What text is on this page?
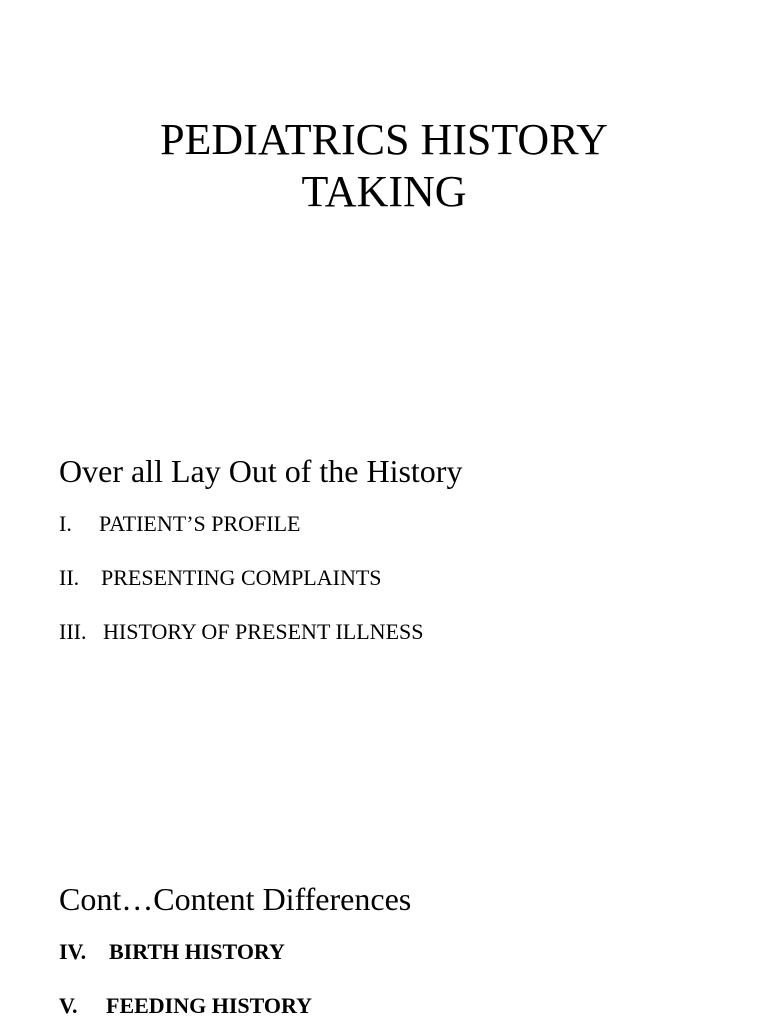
PEDIATRICS HISTORY
TAKING
Over all Lay Out of the History
I.	PATIENT’S PROFILE
II. PRESENTING COMPLAINTS
III. HISTORY OF PRESENT ILLNESS
Cont…Content Differences
IV.	BIRTH HISTORY
V.	FEEDING HISTORY
